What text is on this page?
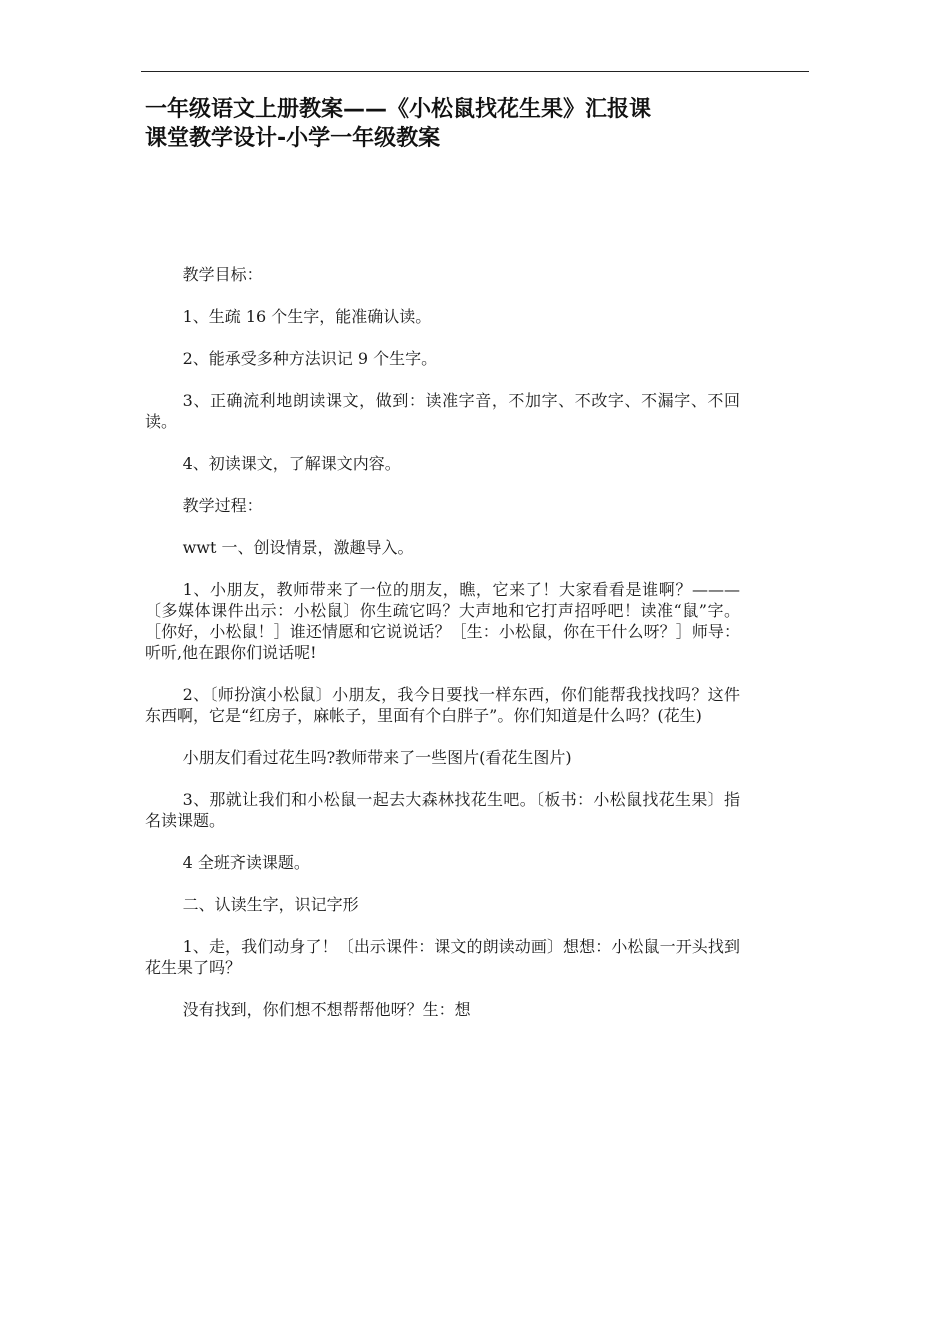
一年级语文上册教案——《小松鼠找花生果》汇报课
课堂教学设计-小学一年级教案

教学目标：

1、生疏 16 个生字，能准确认读。

2、能承受多种方法识记 9 个生字。

3、正确流利地朗读课文，做到：读准字音，不加字、不改字、不漏字、不回读。

4、初读课文，了解课文内容。

教学过程：

wwt 一、创设情景，激趣导入。

1、小朋友，教师带来了一位的朋友，瞧，它来了！大家看看是谁啊？———〔多媒体课件出示：小松鼠〕你生疏它吗？大声地和它打声招呼吧！读准“鼠”字。［你好，小松鼠！］谁还情愿和它说说话？［生：小松鼠，你在干什么呀？］师导：听听,他在跟你们说话呢!

2、〔师扮演小松鼠〕小朋友，我今日要找一样东西，你们能帮我找找吗？这件东西啊，它是“红房子，麻帐子，里面有个白胖子”。你们知道是什么吗？(花生)

小朋友们看过花生吗?教师带来了一些图片(看花生图片)

3、那就让我们和小松鼠一起去大森林找花生吧。〔板书：小松鼠找花生果〕指名读课题。

4 全班齐读课题。

二、认读生字，识记字形

1、走，我们动身了！〔出示课件：课文的朗读动画〕想想：小松鼠一开头找到花生果了吗？

没有找到，你们想不想帮帮他呀？生：想
